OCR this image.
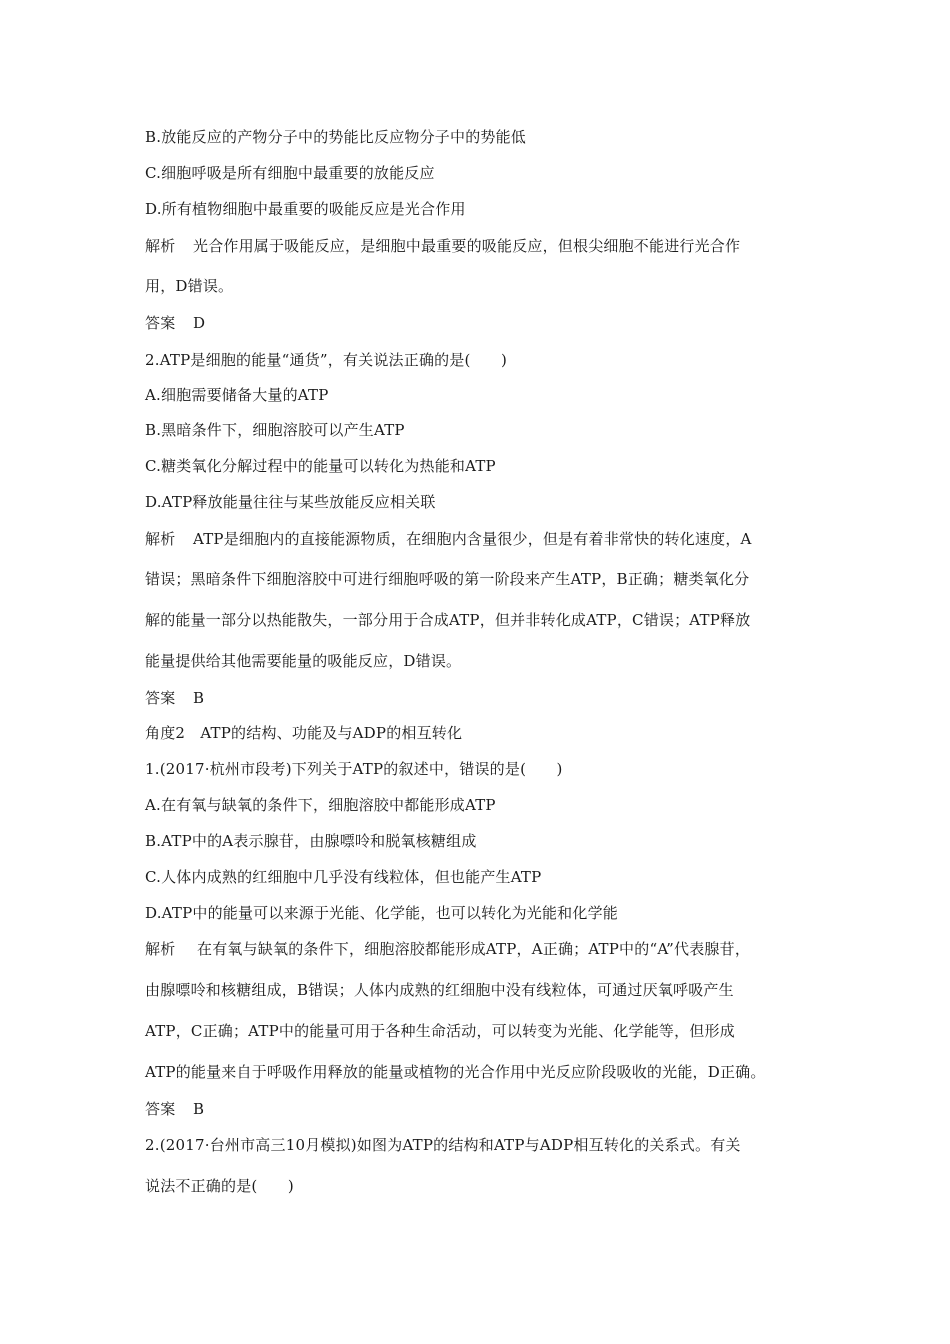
B.放能反应的产物分子中的势能比反应物分子中的势能低
C.细胞呼吸是所有细胞中最重要的放能反应
D.所有植物细胞中最重要的吸能反应是光合作用
解析 光合作用属于吸能反应，是细胞中最重要的吸能反应，但根尖细胞不能进行光合作
用，D错误。
答案 D
2.ATP是细胞的能量“通货”，有关说法正确的是(　　)
A.细胞需要储备大量的ATP
B.黑暗条件下，细胞溶胶可以产生ATP
C.糖类氧化分解过程中的能量可以转化为热能和ATP
D.ATP释放能量往往与某些放能反应相关联
解析 ATP是细胞内的直接能源物质，在细胞内含量很少，但是有着非常快的转化速度，A
错误；黑暗条件下细胞溶胶中可进行细胞呼吸的第一阶段来产生ATP，B正确；糖类氧化分
解的能量一部分以热能散失，一部分用于合成ATP，但并非转化成ATP，C错误；ATP释放
能量提供给其他需要能量的吸能反应，D错误。
答案 B
角度2　ATP的结构、功能及与ADP的相互转化
1.(2017·杭州市段考)下列关于ATP的叙述中，错误的是(　　)
A.在有氧与缺氧的条件下，细胞溶胶中都能形成ATP
B.ATP中的A表示腺苷，由腺嘌呤和脱氧核糖组成
C.人体内成熟的红细胞中几乎没有线粒体，但也能产生ATP
D.ATP中的能量可以来源于光能、化学能，也可以转化为光能和化学能
解析 在有氧与缺氧的条件下，细胞溶胶都能形成ATP，A正确；ATP中的“A”代表腺苷，
由腺嘌呤和核糖组成，B错误；人体内成熟的红细胞中没有线粒体，可通过厌氧呼吸产生
ATP，C正确；ATP中的能量可用于各种生命活动，可以转变为光能、化学能等，但形成
ATP的能量来自于呼吸作用释放的能量或植物的光合作用中光反应阶段吸收的光能，D正确。
答案 B
2.(2017·台州市高三10月模拟)如图为ATP的结构和ATP与ADP相互转化的关系式。有关
说法不正确的是(　　)
